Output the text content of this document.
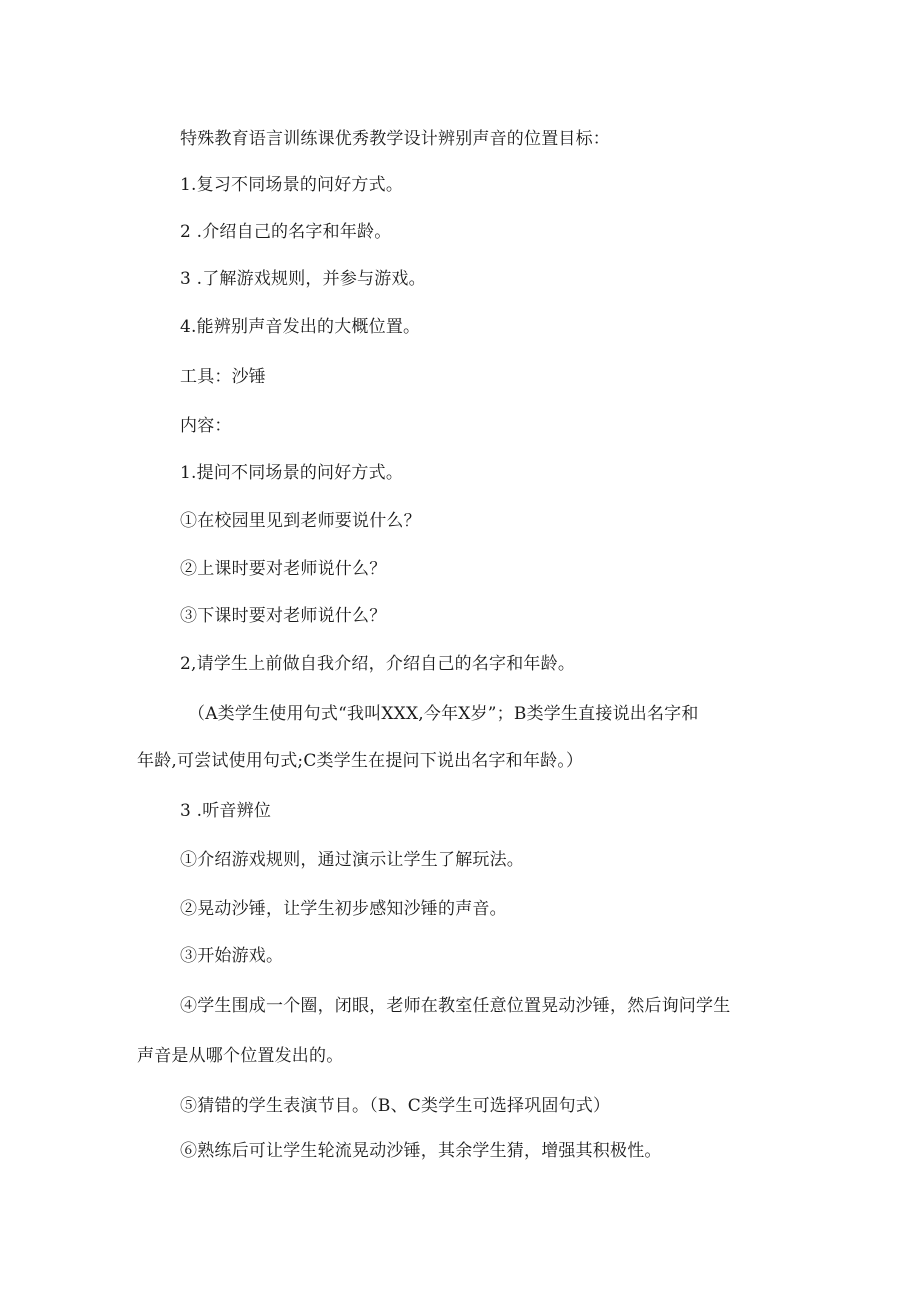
特殊教育语言训练课优秀教学设计辨别声音的位置目标：
1.复习不同场景的问好方式。
2 .介绍自己的名字和年龄。
3 .了解游戏规则，并参与游戏。
4.能辨别声音发出的大概位置。
工具：沙锤
内容：
1.提问不同场景的问好方式。
①在校园里见到老师要说什么？
②上课时要对老师说什么？
③下课时要对老师说什么？
2,请学生上前做自我介绍，介绍自己的名字和年龄。
（A类学生使用句式“我叫XXX,今年X岁”；B类学生直接说出名字和
年龄,可尝试使用句式;C类学生在提问下说出名字和年龄。）
3 .听音辨位
①介绍游戏规则，通过演示让学生了解玩法。
②晃动沙锤，让学生初步感知沙锤的声音。
③开始游戏。
④学生围成一个圈，闭眼，老师在教室任意位置晃动沙锤，然后询问学生
声音是从哪个位置发出的。
⑤猜错的学生表演节目。（B、C类学生可选择巩固句式）
⑥熟练后可让学生轮流晃动沙锤，其余学生猜，增强其积极性。
